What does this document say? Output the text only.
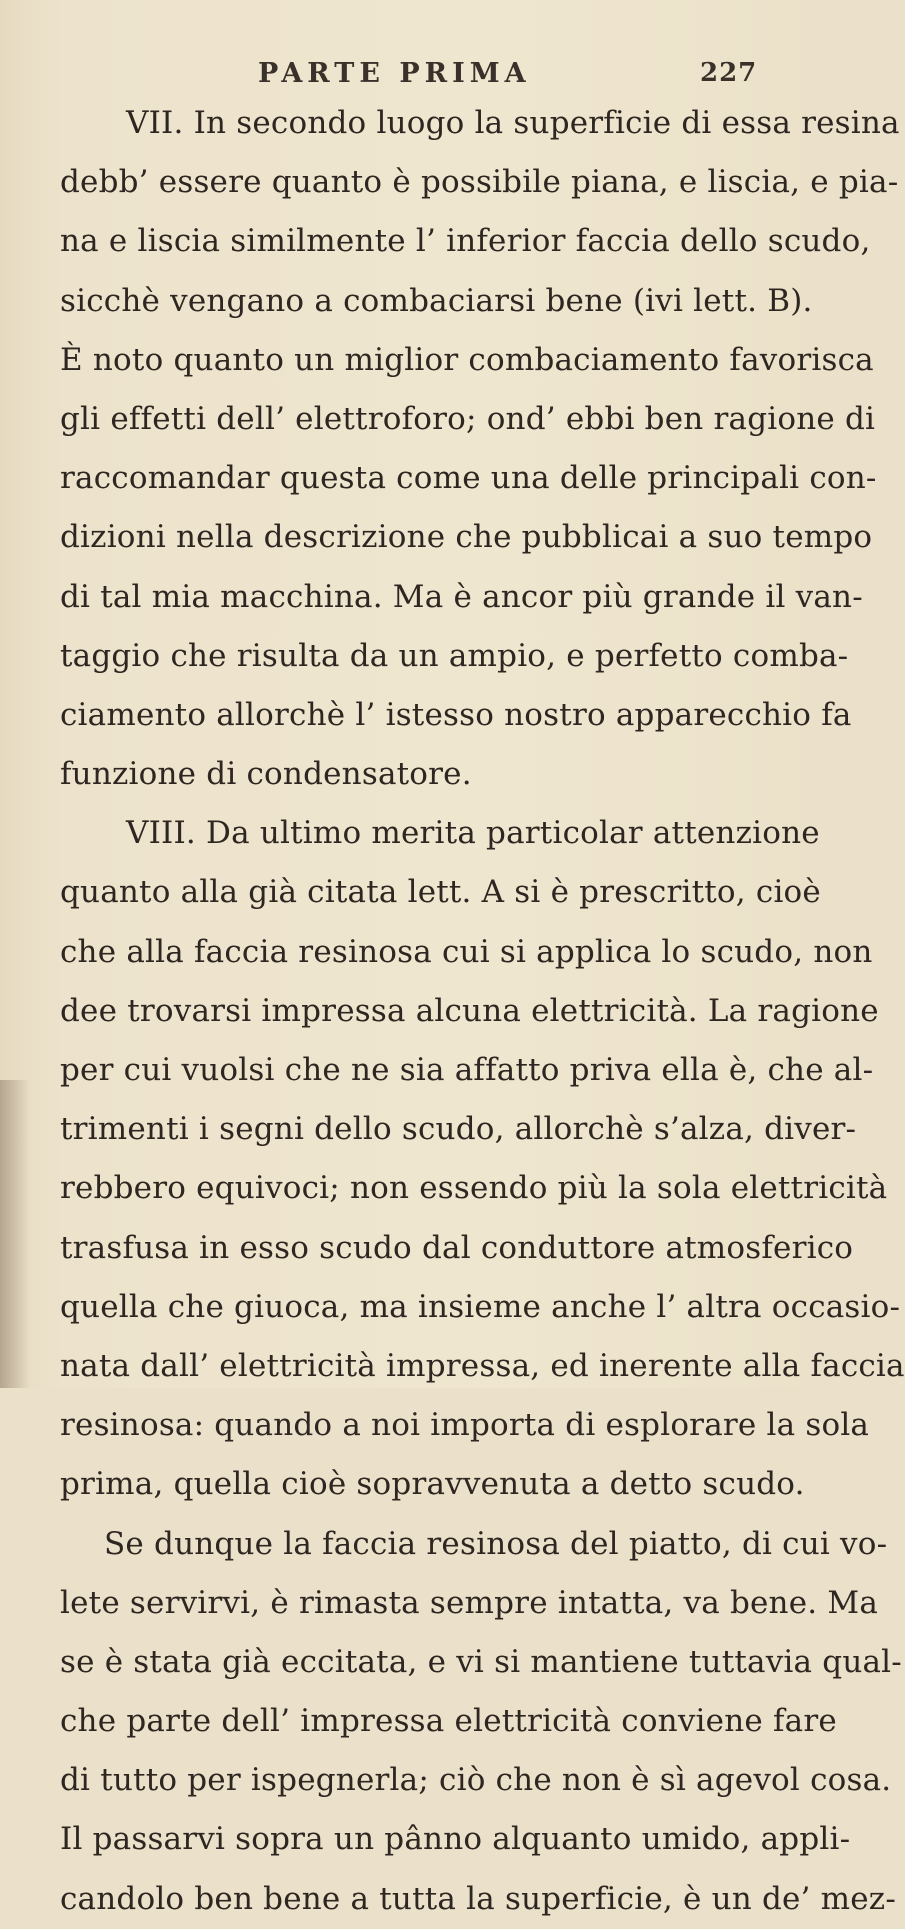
PARTE PRIMA	227
VII. In secondo luogo la superficie di essa resina
debb’ essere quanto è possibile piana, e liscia, e pia-
na e liscia similmente l’ inferior faccia dello scudo,
sicchè vengano a combaciarsi bene (ivi lett. B).
È noto quanto un miglior combaciamento favorisca
gli effetti dell’ elettroforo; ond’ ebbi ben ragione di
raccomandar questa come una delle principali con-
dizioni nella descrizione che pubblicai a suo tempo
di tal mia macchina. Ma è ancor più grande il van-
taggio che risulta da un ampio, e perfetto comba-
ciamento allorchè l’ istesso nostro apparecchio fa
funzione di condensatore.
VIII. Da ultimo merita particolar attenzione
quanto alla già citata lett. A si è prescritto, cioè
che alla faccia resinosa cui si applica lo scudo, non
dee trovarsi impressa alcuna elettricità. La ragione
per cui vuolsi che ne sia affatto priva ella è, che al-
trimenti i segni dello scudo, allorchè s’alza, diver-
rebbero equivoci; non essendo più la sola elettricità
trasfusa in esso scudo dal conduttore atmosferico
quella che giuoca, ma insieme anche l’ altra occasio-
nata dall’ elettricità impressa, ed inerente alla faccia
resinosa: quando a noi importa di esplorare la sola
prima, quella cioè sopravvenuta a detto scudo.
Se dunque la faccia resinosa del piatto, di cui vo-
lete servirvi, è rimasta sempre intatta, va bene. Ma
se è stata già eccitata, e vi si mantiene tuttavia qual-
che parte dell’ impressa elettricità conviene fare
di tutto per ispegnerla; ciò che non è sì agevol cosa.
Il passarvi sopra un pânno alquanto umido, appli-
candolo ben bene a tutta la superficie, è un de’ mez-
